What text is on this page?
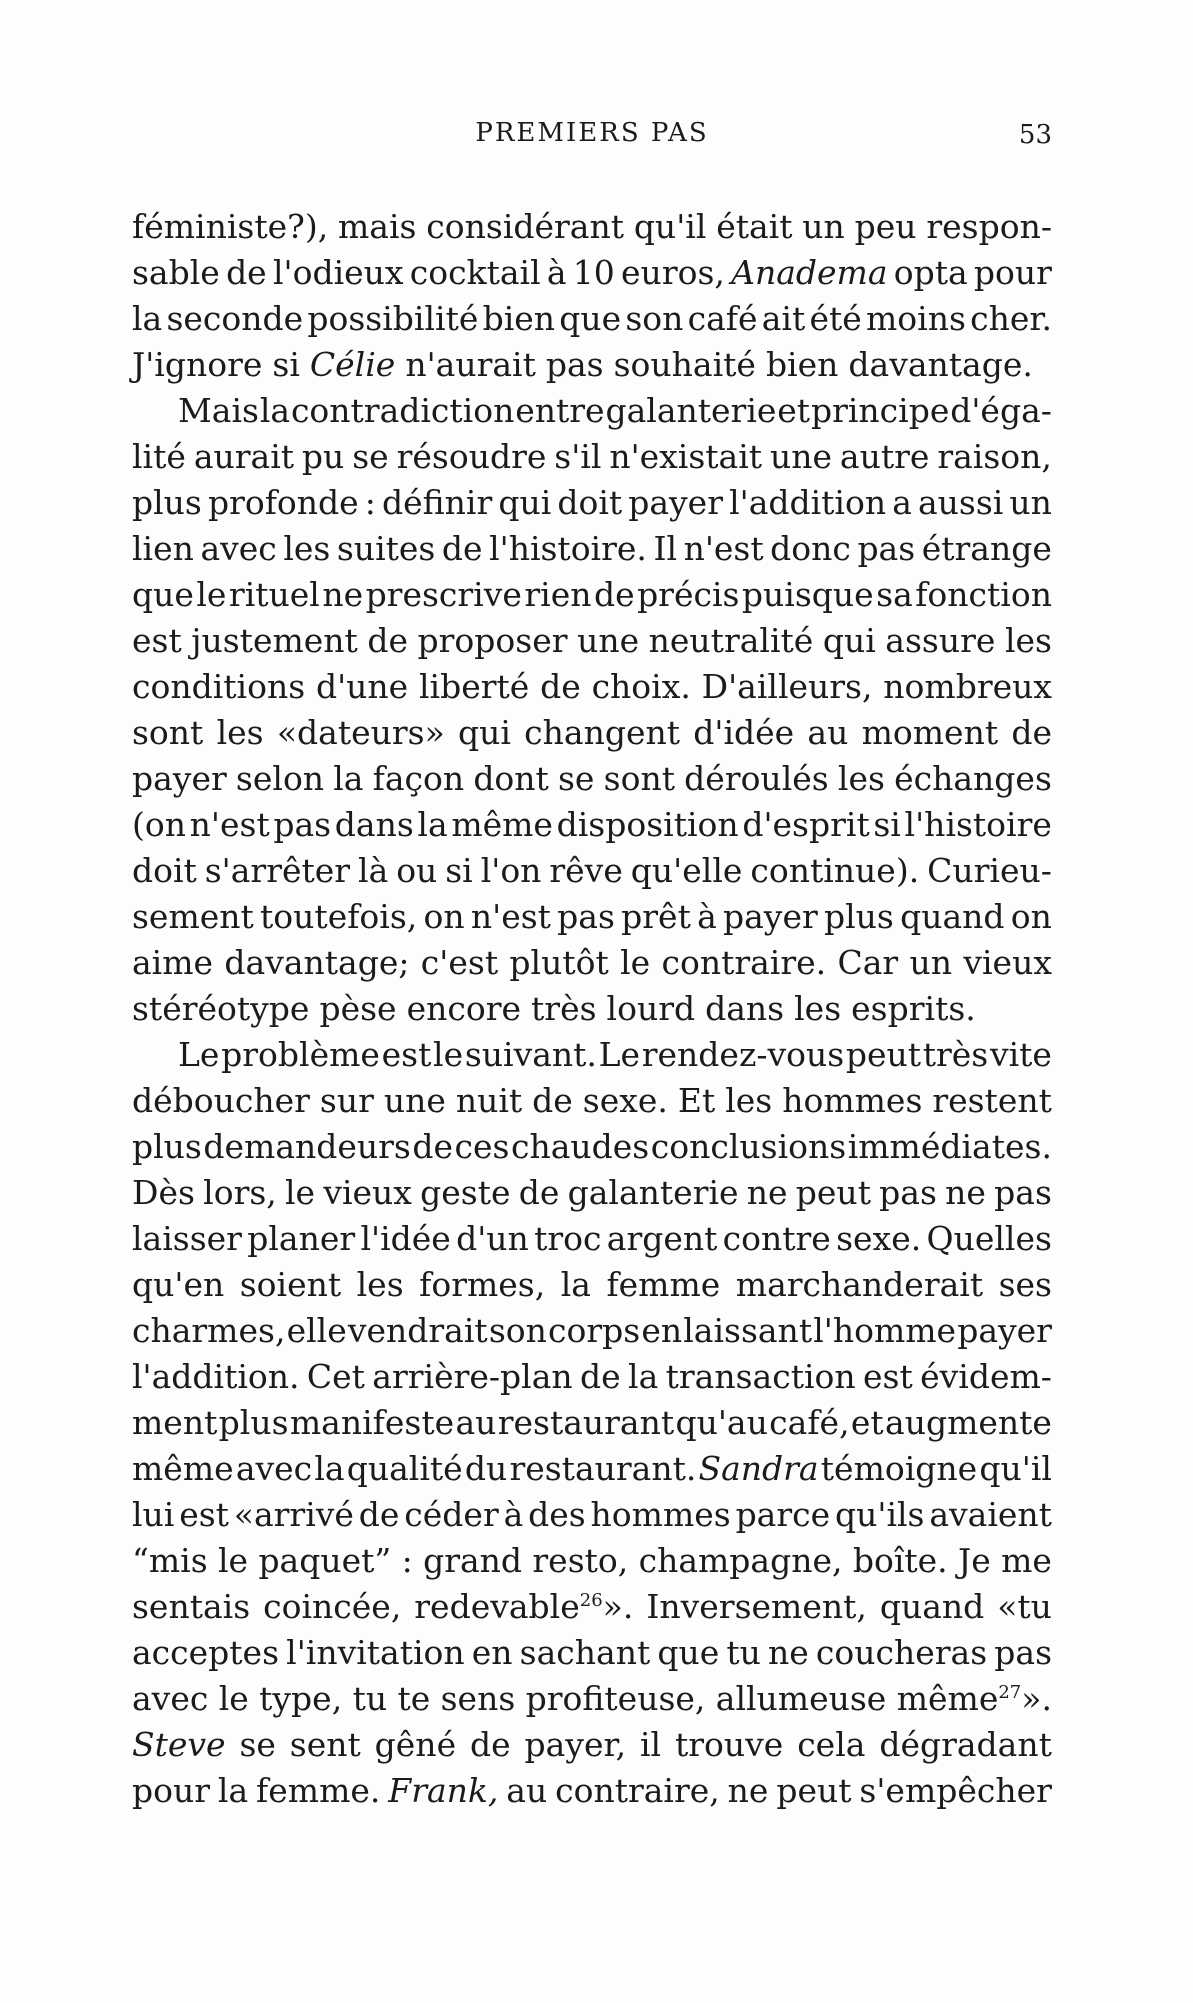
PREMIERS PAS	53
féministe?), mais considérant qu'il était un peu respon-
sable de l'odieux cocktail à 10 euros, Anadema opta pour
la seconde possibilité bien que son café ait été moins cher.
J'ignore si Célie n'aurait pas souhaité bien davantage.
Mais la contradiction entre galanterie et principe d'éga-
lité aurait pu se résoudre s'il n'existait une autre raison,
plus profonde : définir qui doit payer l'addition a aussi un
lien avec les suites de l'histoire. Il n'est donc pas étrange
que le rituel ne prescrive rien de précis puisque sa fonction
est justement de proposer une neutralité qui assure les
conditions d'une liberté de choix. D'ailleurs, nombreux
sont les «dateurs» qui changent d'idée au moment de
payer selon la façon dont se sont déroulés les échanges
(on n'est pas dans la même disposition d'esprit si l'histoire
doit s'arrêter là ou si l'on rêve qu'elle continue). Curieu-
sement toutefois, on n'est pas prêt à payer plus quand on
aime davantage; c'est plutôt le contraire. Car un vieux
stéréotype pèse encore très lourd dans les esprits.
Le problème est le suivant. Le rendez-vous peut très vite
déboucher sur une nuit de sexe. Et les hommes restent
plus demandeurs de ces chaudes conclusions immédiates.
Dès lors, le vieux geste de galanterie ne peut pas ne pas
laisser planer l'idée d'un troc argent contre sexe. Quelles
qu'en soient les formes, la femme marchanderait ses
charmes, elle vendrait son corps en laissant l'homme payer
l'addition. Cet arrière-plan de la transaction est évidem-
ment plus manifeste au restaurant qu'au café, et augmente
même avec la qualité du restaurant. Sandra témoigne qu'il
lui est «arrivé de céder à des hommes parce qu'ils avaient
“mis le paquet” : grand resto, champagne, boîte. Je me
sentais coincée, redevable$^{26}$». Inversement, quand «tu
acceptes l'invitation en sachant que tu ne coucheras pas
avec le type, tu te sens profiteuse, allumeuse même$^{27}$».
Steve se sent gêné de payer, il trouve cela dégradant
pour la femme. Frank, au contraire, ne peut s'empêcher
